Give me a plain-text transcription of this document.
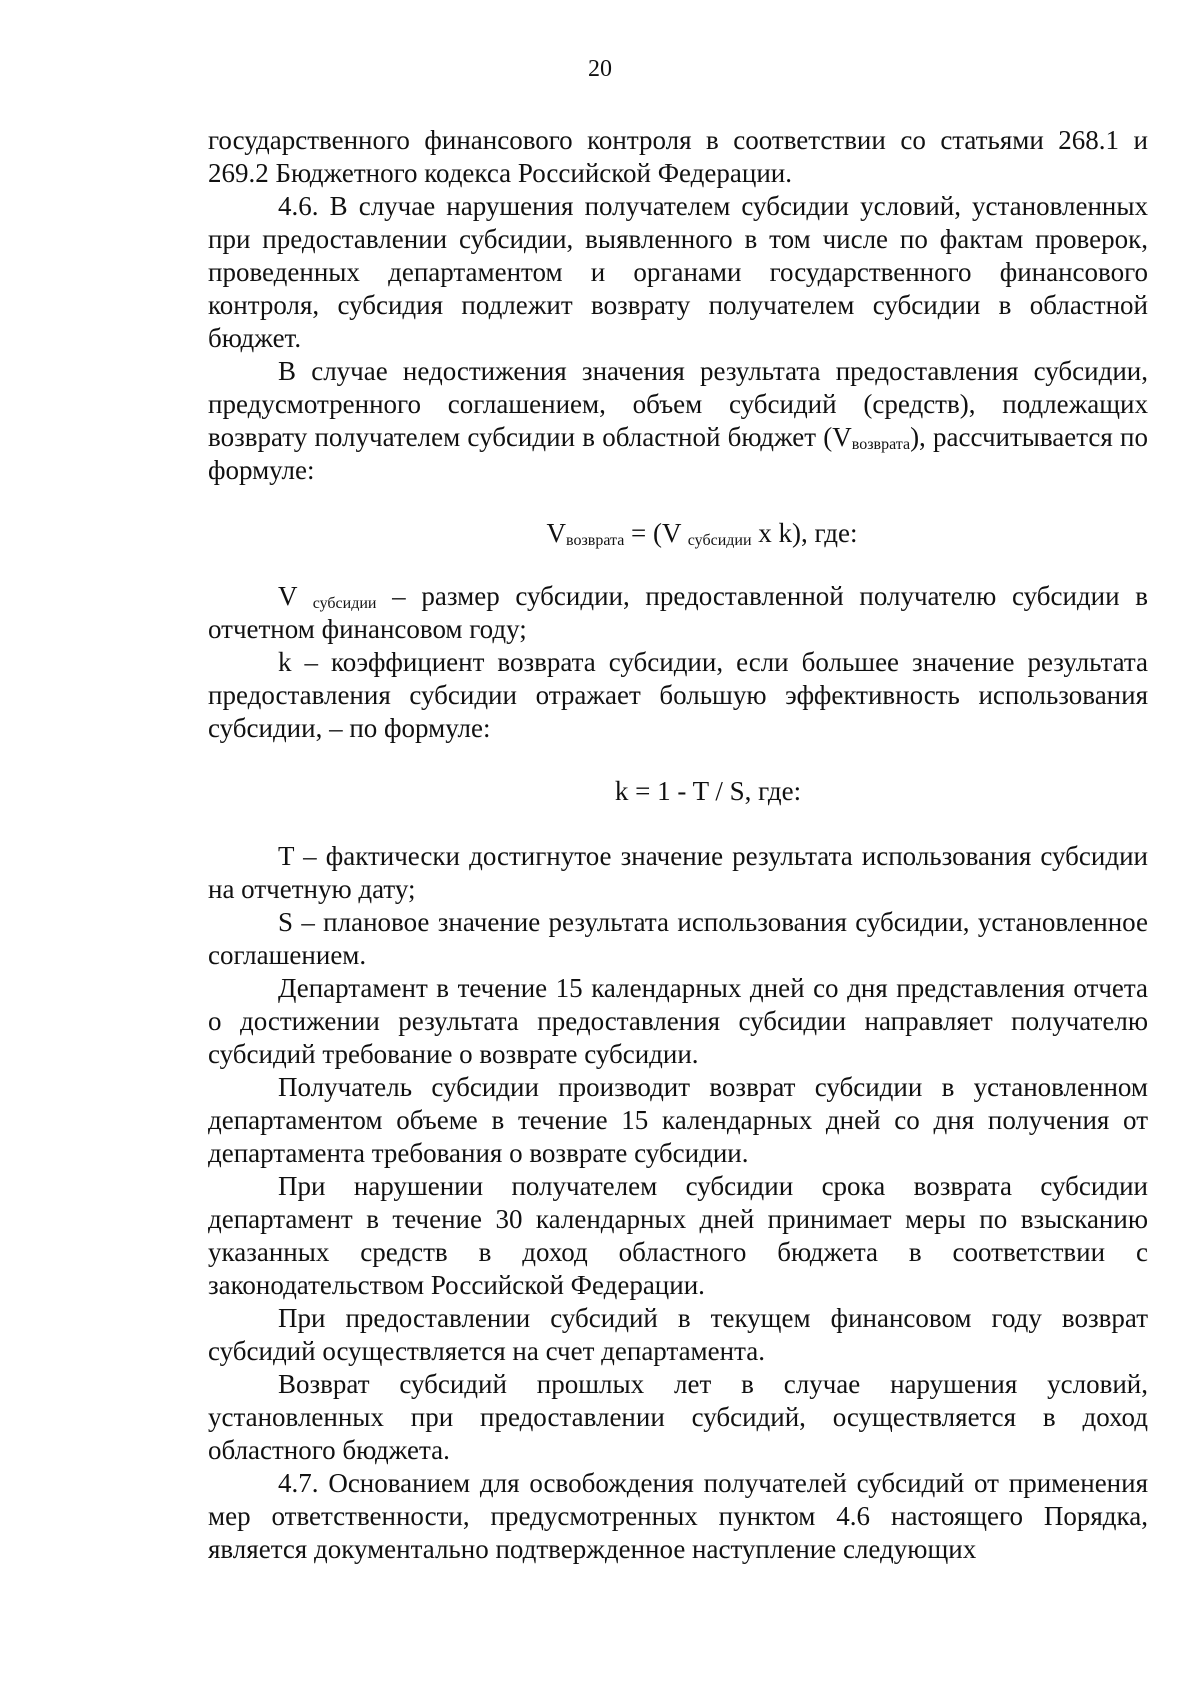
20

государственного финансового контроля в соответствии со статьями 268.1 и 269.2 Бюджетного кодекса Российской Федерации.

4.6. В случае нарушения получателем субсидии условий, установленных при предоставлении субсидии, выявленного в том числе по фактам проверок, проведенных департаментом и органами государственного финансового контроля, субсидия подлежит возврату получателем субсидии в областной бюджет.

В случае недостижения значения результата предоставления субсидии, предусмотренного соглашением, объем субсидий (средств), подлежащих возврату получателем субсидии в областной бюджет $(V_{возврата})$, рассчитывается по формуле:

$V_{возврата} = (V$ $_{субсидии}$ x k), где:

V $_{субсидии}$ – размер субсидии, предоставленной получателю субсидии в отчетном финансовом году;

k – коэффициент возврата субсидии, если большее значение результата предоставления субсидии отражает большую эффективность использования субсидии, – по формуле:

k = 1 - T / S, где:

T – фактически достигнутое значение результата использования субсидии на отчетную дату;

S – плановое значение результата использования субсидии, установленное соглашением.

Департамент в течение 15 календарных дней со дня представления отчета о достижении результата предоставления субсидии направляет получателю субсидий требование о возврате субсидии.

Получатель субсидии производит возврат субсидии в установленном департаментом объеме в течение 15 календарных дней со дня получения от департамента требования о возврате субсидии.

При нарушении получателем субсидии срока возврата субсидии департамент в течение 30 календарных дней принимает меры по взысканию указанных средств в доход областного бюджета в соответствии с законодательством Российской Федерации.

При предоставлении субсидий в текущем финансовом году возврат субсидий осуществляется на счет департамента.

Возврат субсидий прошлых лет в случае нарушения условий, установленных при предоставлении субсидий, осуществляется в доход областного бюджета.

4.7. Основанием для освобождения получателей субсидий от применения мер ответственности, предусмотренных пунктом 4.6 настоящего Порядка, является документально подтвержденное наступление следующих
